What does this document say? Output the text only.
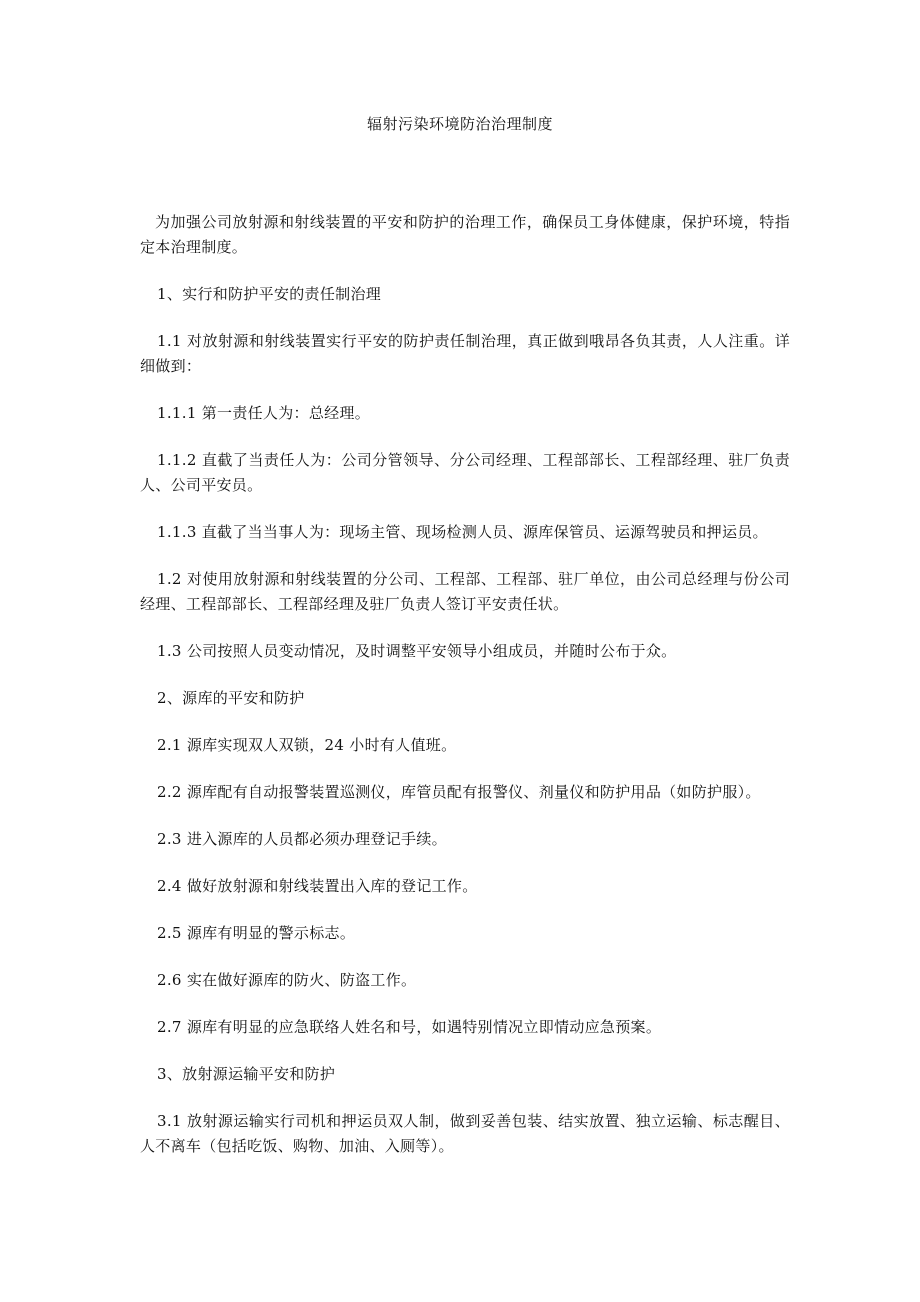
辐射污染环境防治治理制度

为加强公司放射源和射线装置的平安和防护的治理工作，确保员工身体健康，保护环境，特指定本治理制度。

1、实行和防护平安的责任制治理

1.1 对放射源和射线装置实行平安的防护责任制治理，真正做到哦昂各负其责，人人注重。详细做到：

1.1.1 第一责任人为：总经理。

1.1.2 直截了当责任人为：公司分管领导、分公司经理、工程部部长、工程部经理、驻厂负责人、公司平安员。

1.1.3 直截了当当事人为：现场主管、现场检测人员、源库保管员、运源驾驶员和押运员。

1.2 对使用放射源和射线装置的分公司、工程部、工程部、驻厂单位，由公司总经理与份公司经理、工程部部长、工程部经理及驻厂负责人签订平安责任状。

1.3 公司按照人员变动情况，及时调整平安领导小组成员，并随时公布于众。

2、源库的平安和防护

2.1 源库实现双人双锁，24 小时有人值班。

2.2 源库配有自动报警装置巡测仪，库管员配有报警仪、剂量仪和防护用品（如防护服）。

2.3 进入源库的人员都必须办理登记手续。

2.4 做好放射源和射线装置出入库的登记工作。

2.5 源库有明显的警示标志。

2.6 实在做好源库的防火、防盗工作。

2.7 源库有明显的应急联络人姓名和号，如遇特别情况立即情动应急预案。

3、放射源运输平安和防护

3.1 放射源运输实行司机和押运员双人制，做到妥善包装、结实放置、独立运输、标志醒目、人不离车（包括吃饭、购物、加油、入厕等）。
